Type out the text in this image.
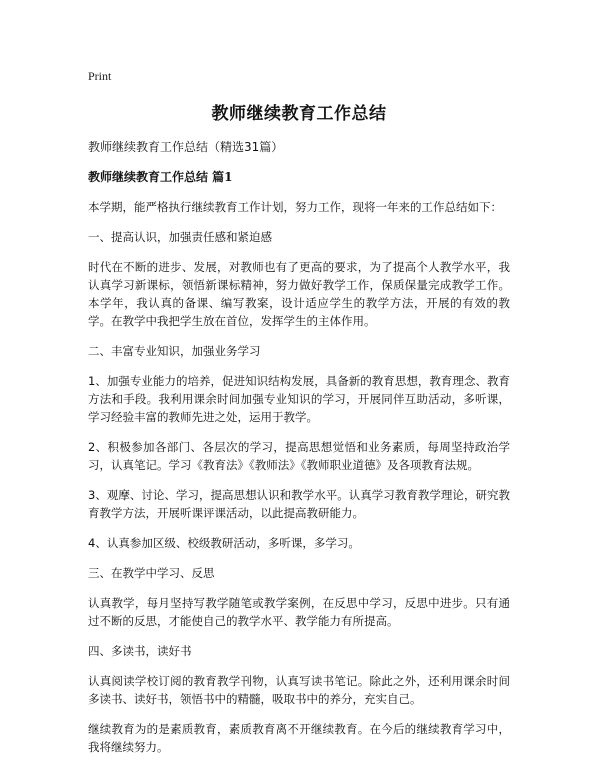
Print
教师继续教育工作总结
教师继续教育工作总结（精选31篇）
教师继续教育工作总结 篇1
本学期，能严格执行继续教育工作计划，努力工作，现将一年来的工作总结如下：
一、提高认识，加强责任感和紧迫感
时代在不断的进步、发展，对教师也有了更高的要求，为了提高个人教学水平，我认真学习新课标，领悟新课标精神，努力做好教学工作，保质保量完成教学工作。本学年，我认真的备课、编写教案，设计适应学生的教学方法，开展的有效的教学。在教学中我把学生放在首位，发挥学生的主体作用。
二、丰富专业知识，加强业务学习
1、加强专业能力的培养，促进知识结构发展，具备新的教育思想，教育理念、教育方法和手段。我利用课余时间加强专业知识的学习，开展同伴互助活动，多听课，学习经验丰富的教师先进之处，运用于教学。
2、积极参加各部门、各层次的学习，提高思想觉悟和业务素质，每周坚持政治学习，认真笔记。学习《教育法》《教师法》《教师职业道德》及各项教育法规。
3、观摩、讨论、学习，提高思想认识和教学水平。认真学习教育教学理论，研究教育教学方法，开展听课评课活动，以此提高教研能力。
4、认真参加区级、校级教研活动，多听课，多学习。
三、在教学中学习、反思
认真教学，每月坚持写教学随笔或教学案例，在反思中学习，反思中进步。只有通过不断的反思，才能使自己的教学水平、教学能力有所提高。
四、多读书，读好书
认真阅读学校订阅的教育教学刊物，认真写读书笔记。除此之外，还利用课余时间多读书、读好书，领悟书中的精髓，吸取书中的养分，充实自己。
继续教育为的是素质教育，素质教育离不开继续教育。在今后的继续教育学习中，我将继续努力。
